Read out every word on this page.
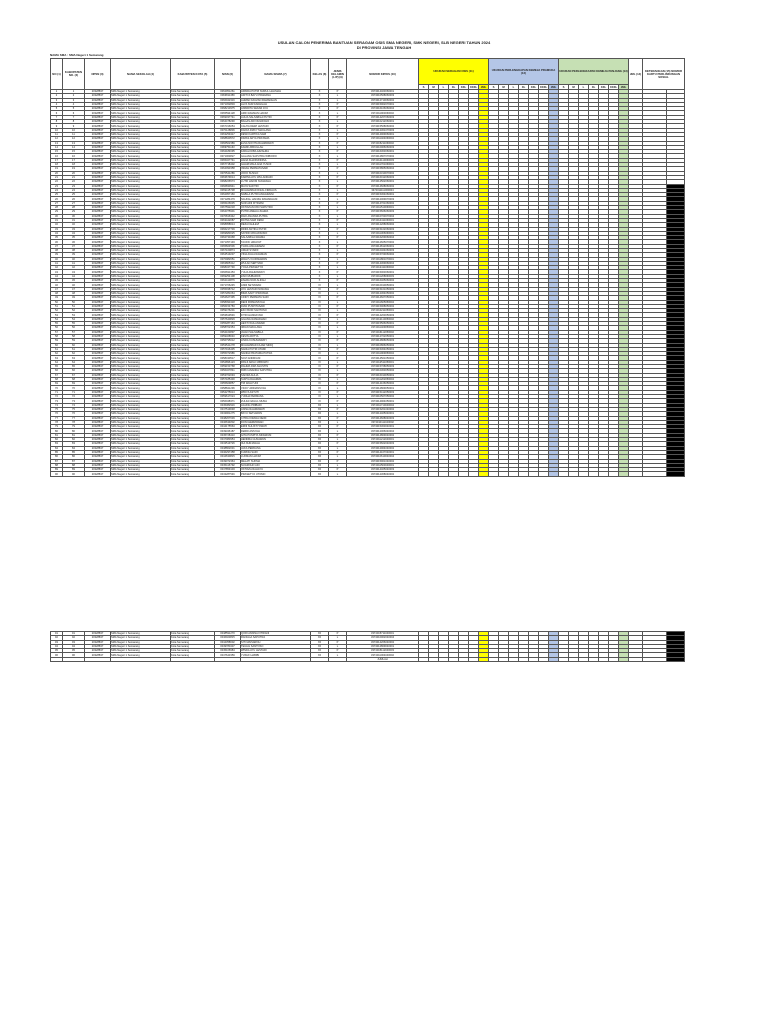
USULAN CALON PENERIMA BANTUAN SERAGAM OSIS SMA NEGERI, SMK NEGERI, SLB NEGERI TAHUN 2024
DI PROVINSI JAWA TENGAH
NAMA SMA : SMA Negeri 1 Semarang
NO (1)	KABUPATEN NO. (2)	NPSN (3)	NAMA SEKOLAH (4)	KABUPATEN KOTA (5)	NISN (6)	NAMA SISWA (7)	KELAS (8)	JENIS KELAMIN (L/P) (9)	NOMOR KIP/KS (10)	UKURAN SERAGAM OSIS (11)							UKURAN PERLENGKAPAN KEMEJA PRAMUKA (12)							UKURAN PERLENGKAPAN KEMEJA PANJANG (13)							JML (14)	KETERANGAN (15) NOMOR KARTU PERLINDUNGAN SOSIAL	
										S	M	L	XL	XXL	XXXL	JML	S	M	L	XL	XXL	XXXL	JML	S	M	L	XL	XXL	XXXL	JML			
1	1	20328837	SMA Negeri 1 Semarang	Kota Semarang	0062951261	ADINDA PUTRI NURUL HALIMAH	X	P	3374014403060001																								
2	2	20328837	SMA Negeri 1 Semarang	Kota Semarang	0063811459	ADITYA BAYU PRADANA	X	L	3374010508060003																								
3	3	20328837	SMA Negeri 1 Semarang	Kota Semarang	0066942316	AHMAD FAUZAN RAMADHAN	X	L	3374012710060002																								
4	4	20328837	SMA Negeri 1 Semarang	Kota Semarang	0071452803	ALYA NUR FADHILAH	X	P	3374015902070001																								
5	5	20328837	SMA Negeri 1 Semarang	Kota Semarang	0068213975	ANINDITA SEKAR AYU	X	P	3374016106060004																								
6	6	20328837	SMA Negeri 1 Semarang	Kota Semarang	0065594128	ARIF RAHMAN HAKIM	X	L	3374011903060002																								
7	7	20328837	SMA Negeri 1 Semarang	Kota Semarang	0069037741	AULIA SALSABILA PUTRI	X	P	3374014207060003																								
8	8	20328837	SMA Negeri 1 Semarang	Kota Semarang	0064478290	BAGAS ADI NUGROHO	X	L	3374010212060001																								
9	9	20328837	SMA Negeri 1 Semarang	Kota Semarang	0067316054	CAHYA DEWI LESTARI	X	P	3374015508060002																								
10	10	20328837	SMA Negeri 1 Semarang	Kota Semarang	0070128836	DAFFA RIZKY MAULANA	X	L	3374012301070003																								
11	11	20328837	SMA Negeri 1 Semarang	Kota Semarang	0063259417	DEWI KARTIKA SARI	X	P	3374014909060001																								
12	12	20328837	SMA Negeri 1 Semarang	Kota Semarang	0068840572	DIMAS ARYA PRATAMA	X	L	3374011404060004																								
13	13	20328837	SMA Negeri 1 Semarang	Kota Semarang	0066502389	ELSA NOVITA RAHMAWATI	X	P	3374015211060002																								
14	14	20328837	SMA Negeri 1 Semarang	Kota Semarang	0069751163	FAHMI ABDULLAH	X	L	3374010906060003																								
15	15	20328837	SMA Negeri 1 Semarang	Kota Semarang	0062184695	FARAH DIBA AZZAHRA	X	P	3374016303060001																								
16	16	20328837	SMA Negeri 1 Semarang	Kota Semarang	0071063827	GALANG SAPUTRA WIBOWO	X	L	3374012807070002																								
17	17	20328837	SMA Negeri 1 Semarang	Kota Semarang	0065327741	HANA KHAIRUNNISA	X	P	3374014110060003																								
18	18	20328837	SMA Negeri 1 Semarang	Kota Semarang	0067718402	ILHAM MAULANA YUSUF	X	L	3374011701060001																								
19	19	20328837	SMA Negeri 1 Semarang	Kota Semarang	0064093358	INDAH PERMATASARI	X	P	3374015805060004																								
20	20	20328837	SMA Negeri 1 Semarang	Kota Semarang	0070541286	JOKO SUSILO	X	L	3374010310070002																								
21	21	20328837	SMA Negeri 1 Semarang	Kota Semarang	0063679014	KARINA AYU WULANDARI	X	P	3374016012060003																								
22	22	20328837	SMA Negeri 1 Semarang	Kota Semarang	0068226573	LUTFI HAKIM NUGRAHA	X	L	3374012502060001																								
23	23	20328837	SMA Negeri 1 Semarang	Kota Semarang	0066830941	MAYA SAFITRI	X	P	3374014608060002																								
24	24	20328837	SMA Negeri 1 Semarang	Kota Semarang	0069415738	MUHAMMAD RIZAL FIRDAUS	X	L	3374011111060004																								
25	25	20328837	SMA Negeri 1 Semarang	Kota Semarang	0062957160	NABILA PUTRI ANGGRAINI	X	P	3374015304060001																								
26	26	20328837	SMA Negeri 1 Semarang	Kota Semarang	0071284479	NAUFAL HAFIZH RAMADHANI	X	L	3374012009070003																								
27	27	20328837	SMA Negeri 1 Semarang	Kota Semarang	0065106635	NUR AINI FITRIANI	X	P	3374014701060002																								
28	28	20328837	SMA Negeri 1 Semarang	Kota Semarang	0067592218	OKTAVIAN DWI SAPUTRO	X	L	3374011510060001																								
29	29	20328837	SMA Negeri 1 Semarang	Kota Semarang	0064375901	PUTRI AMELIA ZAHRA	X	P	3374015606060003																								
30	30	20328837	SMA Negeri 1 Semarang	Kota Semarang	0070816342	RAFI ANANDA PUTRA	X	L	3374010703070004																								
31	31	20328837	SMA Negeri 1 Semarang	Kota Semarang	0063442087	RATNA SARI DEWI	X	P	3374014411060001																								
32	32	20328837	SMA Negeri 1 Semarang	Kota Semarang	0068958614	REZA FAHLEVI	X	L	3374012208060002																								
33	33	20328837	SMA Negeri 1 Semarang	Kota Semarang	0066217739	RINDI ANTIKA PUTRI	X	P	3374015102060003																								
34	34	20328837	SMA Negeri 1 Semarang	Kota Semarang	0069683025	SATRIO WICAKSONO	X	L	3374011306060001																								
35	35	20328837	SMA Negeri 1 Semarang	Kota Semarang	0062730468	SALSABILA RAHMA	X	P	3374016209060004																								
36	36	20328837	SMA Negeri 1 Semarang	Kota Semarang	0071357193	TAUFIK HIDAYAT	X	L	3374012605070002																								
37	37	20328837	SMA Negeri 1 Semarang	Kota Semarang	0065824506	TIARA ANGGRAENI	X	P	3374014812060001																								
38	38	20328837	SMA Negeri 1 Semarang	Kota Semarang	0067160874	UMAR SYARIF	X	L	3374010404060003																								
39	39	20328837	SMA Negeri 1 Semarang	Kota Semarang	0064519237	VINA AULIA RAHMAN	X	P	3374015709060002																								
40	40	20328837	SMA Negeri 1 Semarang	Kota Semarang	0070982651	WAHYU KURNIAWAN	X	L	3374011801070001																								
41	41	20328837	SMA Negeri 1 Semarang	Kota Semarang	0063805312	WULAN SEPTIANI	X	P	3374014309060004																								
42	42	20328837	SMA Negeri 1 Semarang	Kota Semarang	0068347790	YOGA PRASETYO	X	L	3374012411060002																								
43	43	20328837	SMA Negeri 1 Semarang	Kota Semarang	0066691453	YULIA RAHMAWATI	X	P	3374015003060001																								
44	44	20328837	SMA Negeri 1 Semarang	Kota Semarang	0069254108	ZAKI MUBAROK	X	L	3374011208060003																								
45	45	20328837	SMA Negeri 1 Semarang	Kota Semarang	0062413876	ZAHRA NUR ALIFAH	X	P	3374016405060002																								
46	46	20328837	SMA Negeri 1 Semarang	Kota Semarang	0071706245	ANDI SETIAWAN	XI	L	3374010910050001																								
47	47	20328837	SMA Negeri 1 Semarang	Kota Semarang	0055938712	AYU LESTARI NINGSIH	XI	P	3374015101050003																								
48	48	20328837	SMA Negeri 1 Semarang	Kota Semarang	0057281064	BIMA SAKTI PRATAMA	XI	L	3374012304050002																								
49	49	20328837	SMA Negeri 1 Semarang	Kota Semarang	0054627395	CINDY PERMATA SARI	XI	P	3374014607050001																								
50	50	20328837	SMA Negeri 1 Semarang	Kota Semarang	0058093418	DENI FIRMANSYAH	XI	L	3374011605050004																								
51	51	20328837	SMA Negeri 1 Semarang	Kota Semarang	0056154783	DIAN PUSPITASARI	XI	P	3374015908050002																								
52	52	20328837	SMA Negeri 1 Semarang	Kota Semarang	0059476201	EKO BUDI SANTOSO	XI	L	3374010211050001																								
53	53	20328837	SMA Negeri 1 Semarang	Kota Semarang	0053819546	FITRI HANDAYANI	XI	P	3374014203050003																								
54	54	20328837	SMA Negeri 1 Semarang	Kota Semarang	0057640829	GILANG RAMADHAN	XI	L	3374012110050002																								
55	55	20328837	SMA Negeri 1 Semarang	Kota Semarang	0055287163	HESTI WULANDARI	XI	P	3374015506050001																								
56	56	20328837	SMA Negeri 1 Semarang	Kota Semarang	0058702354	IRFAN MAULANA	XI	L	3374011409050004																								
57	57	20328837	SMA Negeri 1 Semarang	Kota Semarang	0054163897	JIHAN SALSABILA	XI	P	3374016112050002																								
58	58	20328837	SMA Negeri 1 Semarang	Kota Semarang	0059328640	KEVIN ADITYA	XI	L	3374012702050001																								
59	59	20328837	SMA Negeri 1 Semarang	Kota Semarang	0056795012	LINDA KUSUMAWATI	XI	P	3374014808050003																								
60	60	20328837	SMA Negeri 1 Semarang	Kota Semarang	0053541278	MUHAMMAD FAJAR SIDIQ	XI	L	3374010806050002																								
61	61	20328837	SMA Negeri 1 Semarang	Kota Semarang	0057916435	NADIA PUTRI UTAMI	XI	P	3374015304050001																								
62	62	20328837	SMA Negeri 1 Semarang	Kota Semarang	0055072986	NANDA PRATAMA PUTRA	XI	L	3374011909050004																								
63	63	20328837	SMA Negeri 1 Semarang	Kota Semarang	0058430517	NOVI ANDRIANI	XI	P	3374014501050002																								
64	64	20328837	SMA Negeri 1 Semarang	Kota Semarang	0054896123	PANJI ARGO WIBOWO	XI	L	3374012511050001																								
65	65	20328837	SMA Negeri 1 Semarang	Kota Semarang	0059153768	RAHMA DWI AGUSTIN	XI	P	3374015708050003																								
66	66	20328837	SMA Negeri 1 Semarang	Kota Semarang	0056327841	RIZKI ANANDA SAPUTRA	XI	L	3374010303050002																								
67	67	20328837	SMA Negeri 1 Semarang	Kota Semarang	0053762094	SAFIRA AULIA	XI	P	3374016010050001																								
68	68	20328837	SMA Negeri 1 Semarang	Kota Semarang	0057185430	SURYA DHARMA	XI	L	3374011202050004																								
69	69	20328837	SMA Negeri 1 Semarang	Kota Semarang	0055609857	TRI WAHYUNI	XI	P	3374014106050002																								
70	70	20328837	SMA Negeri 1 Semarang	Kota Semarang	0058841296	VICKY ARDIANSYAH	XI	L	3374012809050001																								
71	71	20328837	SMA Negeri 1 Semarang	Kota Semarang	0054275613	WIDYA ASTUTI	XI	P	3374015412050003																								
72	72	20328837	SMA Negeri 1 Semarang	Kota Semarang	0059617024	YUDHA PERMANA	XI	L	3374010507050002																								
73	73	20328837	SMA Negeri 1 Semarang	Kota Semarang	0056048371	ZULFA NAILUL MUNA	XI	P	3374014904050001																								
74	74	20328837	SMA Negeri 1 Semarang	Kota Semarang	0045382916	AGUNG PRIBADI	XII	L	3374011710040004																								
75	75	20328837	SMA Negeri 1 Semarang	Kota Semarang	0047519048	ANISA RAHMAWATI	XII	P	3374015201040002																								
76	76	20328837	SMA Negeri 1 Semarang	Kota Semarang	0043961275	BAYU SETIAWAN	XII	L	3374012405040001																								
77	77	20328837	SMA Negeri 1 Semarang	Kota Semarang	0048207639	CITRA KIRANA DEWI	XII	P	3374014608040003																								
78	78	20328837	SMA Negeri 1 Semarang	Kota Semarang	0046634802	DONI HERMAWAN	XII	L	3374010111040002																								
79	79	20328837	SMA Negeri 1 Semarang	Kota Semarang	0044175563	ERNI SULISTYOWATI	XII	P	3374015303040001																								
80	80	20328837	SMA Negeri 1 Semarang	Kota Semarang	0049346187	FERDI ANSYAH	XII	L	3374012006040004																								
81	81	20328837	SMA Negeri 1 Semarang	Kota Semarang	0045728410	GITA PUSPITA NINGRUM	XII	P	3374014809040002																								
82	82	20328837	SMA Negeri 1 Semarang	Kota Semarang	0047083954	HENDRA GUNAWAN	XII	L	3374011212040001																								
83	83	20328837	SMA Negeri 1 Semarang	Kota Semarang	0043519726	IKA NURJANAH	XII	P	3374015602040003																								
84	84	20328837	SMA Negeri 1 Semarang	Kota Semarang	0048862031	JAKA PERDANA	XII	L	3374012904040002																								
85	85	20328837	SMA Negeri 1 Semarang	Kota Semarang	0046297458	KURNIA SARI	XII	P	3374014107040001																								
86	86	20328837	SMA Negeri 1 Semarang	Kota Semarang	0044630815	LUKMAN HAKIM	XII	L	3374010610040004																								
87	87	20328837	SMA Negeri 1 Semarang	Kota Semarang	0049072364	MELATI SUKMA	XII	P	3374015901040002																								
88	88	20328837	SMA Negeri 1 Semarang	Kota Semarang	0045416792	NUGROHO ADI	XII	L	3374011503040001																								
89	89	20328837	SMA Negeri 1 Semarang	Kota Semarang	0047859103	OKTAVIA RAHAYU	XII	P	3374014405040003																								
90	90	20328837	SMA Negeri 1 Semarang	Kota Semarang	0043287546	PRASETYO UTOMO	XII	L	3374012308040002																								
91	91	20328837	SMA Negeri 1 Semarang	Kota Semarang	0048591270	QORI ANNISA FITRIANI	XII	P	3374015711040001																								
92	92	20328837	SMA Negeri 1 Semarang	Kota Semarang	0046923815	RANGGA SAPUTRA	XII	L	3374010902040004																								
93	93	20328837	SMA Negeri 1 Semarang	Kota Semarang	0044358602	SITI MAISAROH	XII	P	3374014206040002																								
94	94	20328837	SMA Negeri 1 Semarang	Kota Semarang	0049780437	TEGUH SANTOSO	XII	L	3374012809040001																								
95	95	20328837	SMA Negeri 1 Semarang	Kota Semarang	0045106984	WINDA AYU LESTARI	XII	P	3374015112040003																								
96	96	20328837	SMA Negeri 1 Semarang	Kota Semarang	0047643359	YUSUF HABIBI	XII	L	3374011004040002																								
									JUMLAH																								
